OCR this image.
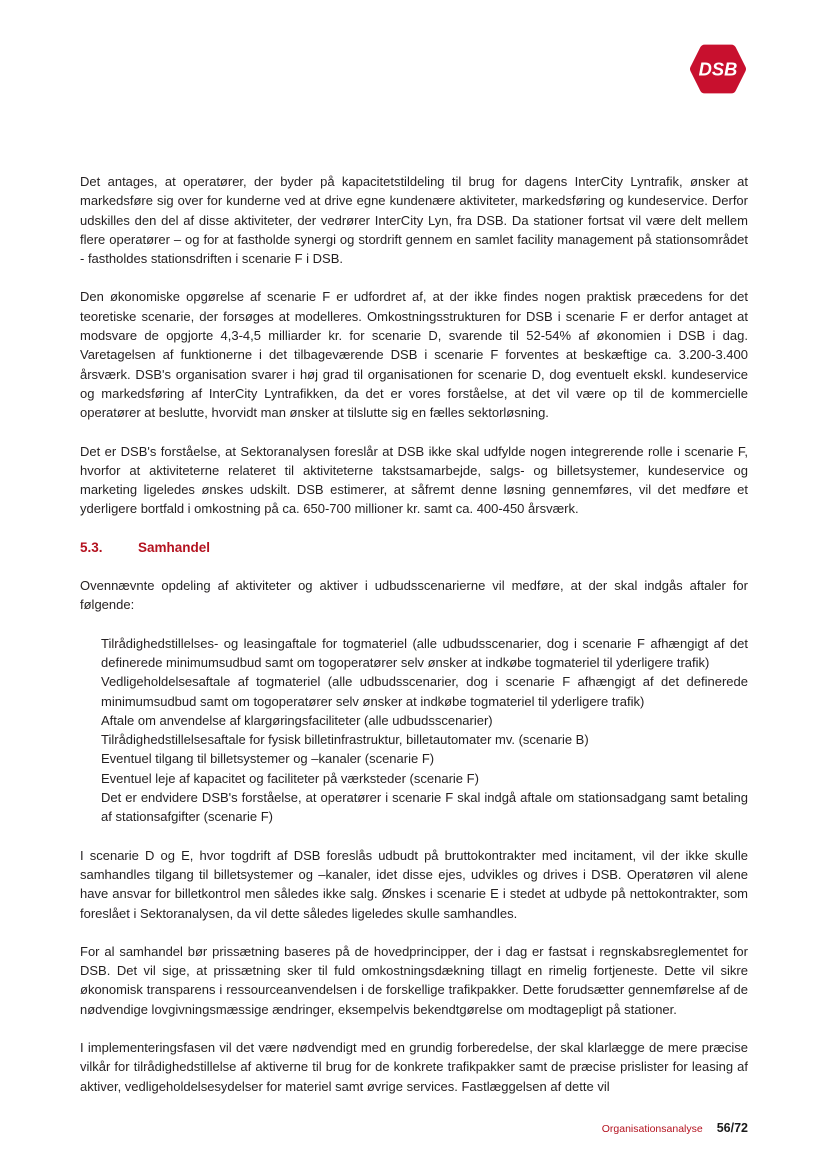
DSB

Det antages, at operatører, der byder på kapacitetstildeling til brug for dagens InterCity Lyntrafik, ønsker at markedsføre sig over for kunderne ved at drive egne kundenære aktiviteter, markedsføring og kundeservice. Derfor udskilles den del af disse aktiviteter, der vedrører InterCity Lyn, fra DSB. Da stationer fortsat vil være delt mellem flere operatører – og for at fastholde synergi og stordrift gennem en samlet facility management på stationsområdet - fastholdes stationsdriften i scenarie F i DSB.

Den økonomiske opgørelse af scenarie F er udfordret af, at der ikke findes nogen praktisk præcedens for det teoretiske scenarie, der forsøges at modelleres. Omkostningsstrukturen for DSB i scenarie F er derfor antaget at modsvare de opgjorte 4,3-4,5 milliarder kr. for scenarie D, svarende til 52-54% af økonomien i DSB i dag. Varetagelsen af funktionerne i det tilbageværende DSB i scenarie F forventes at beskæftige ca. 3.200-3.400 årsværk. DSB's organisation svarer i høj grad til organisationen for scenarie D, dog eventuelt ekskl. kundeservice og markedsføring af InterCity Lyntrafikken, da det er vores forståelse, at det vil være op til de kommercielle operatører at beslutte, hvorvidt man ønsker at tilslutte sig en fælles sektorløsning.

Det er DSB's forståelse, at Sektoranalysen foreslår at DSB ikke skal udfylde nogen integrerende rolle i scenarie F, hvorfor at aktiviteterne relateret til aktiviteterne takstsamarbejde, salgs- og billetsystemer, kundeservice og marketing ligeledes ønskes udskilt. DSB estimerer, at såfremt denne løsning gennemføres, vil det medføre et yderligere bortfald i omkostning på ca. 650-700 millioner kr. samt ca. 400-450 årsværk.

5.3.	Samhandel

Ovennævnte opdeling af aktiviteter og aktiver i udbudsscenarierne vil medføre, at der skal indgås aftaler for følgende:

Tilrådighedstillelses- og leasingaftale for togmateriel (alle udbudsscenarier, dog i scenarie F afhængigt af det definerede minimumsudbud samt om togoperatører selv ønsker at indkøbe togmateriel til yderligere trafik)
Vedligeholdelsesaftale af togmateriel (alle udbudsscenarier, dog i scenarie F afhængigt af det definerede minimumsudbud samt om togoperatører selv ønsker at indkøbe togmateriel til yderligere trafik)
Aftale om anvendelse af klargøringsfaciliteter (alle udbudsscenarier)
Tilrådighedstillelsesaftale for fysisk billetinfrastruktur, billetautomater mv. (scenarie B)
Eventuel tilgang til billetsystemer og –kanaler (scenarie F)
Eventuel leje af kapacitet og faciliteter på værksteder (scenarie F)
Det er endvidere DSB's forståelse, at operatører i scenarie F skal indgå aftale om stationsadgang samt betaling af stationsafgifter (scenarie F)

I scenarie D og E, hvor togdrift af DSB foreslås udbudt på bruttokontrakter med incitament, vil der ikke skulle samhandles tilgang til billetsystemer og –kanaler, idet disse ejes, udvikles og drives i DSB. Operatøren vil alene have ansvar for billetkontrol men således ikke salg. Ønskes i scenarie E i stedet at udbyde på nettokontrakter, som foreslået i Sektoranalysen, da vil dette således ligeledes skulle samhandles.

For al samhandel bør prissætning baseres på de hovedprincipper, der i dag er fastsat i regnskabsreglementet for DSB. Det vil sige, at prissætning sker til fuld omkostningsdækning tillagt en rimelig fortjeneste. Dette vil sikre økonomisk transparens i ressourceanvendelsen i de forskellige trafikpakker. Dette forudsætter gennemførelse af de nødvendige lovgivningsmæssige ændringer, eksempelvis bekendtgørelse om modtagepligt på stationer.

I implementeringsfasen vil det være nødvendigt med en grundig forberedelse, der skal klarlægge de mere præcise vilkår for tilrådighedstillelse af aktiverne til brug for de konkrete trafikpakker samt de præcise prislister for leasing af aktiver, vedligeholdelsesydelser for materiel samt øvrige services. Fastlæggelsen af dette vil

Organisationsanalyse 56/72
